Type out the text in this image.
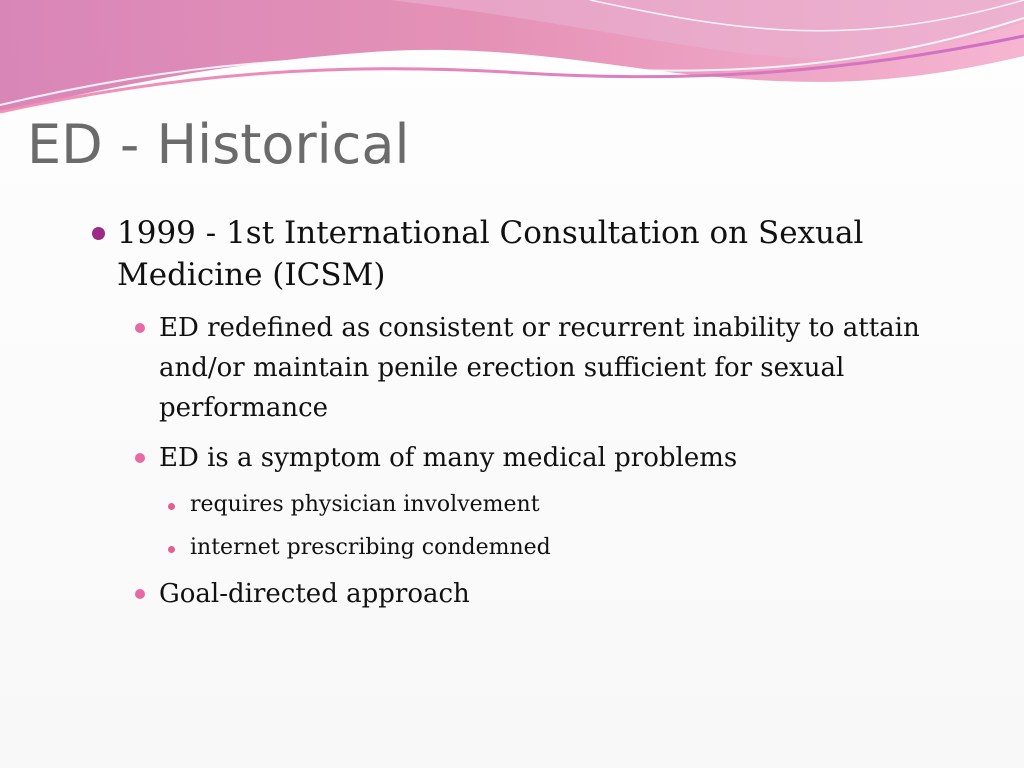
ED - Historical

1999 - 1st International Consultation on Sexual Medicine (ICSM)

ED redefined as consistent or recurrent inability to attain and/or maintain penile erection sufficient for sexual performance

ED is a symptom of many medical problems

requires physician involvement

internet prescribing condemned

Goal-directed approach
